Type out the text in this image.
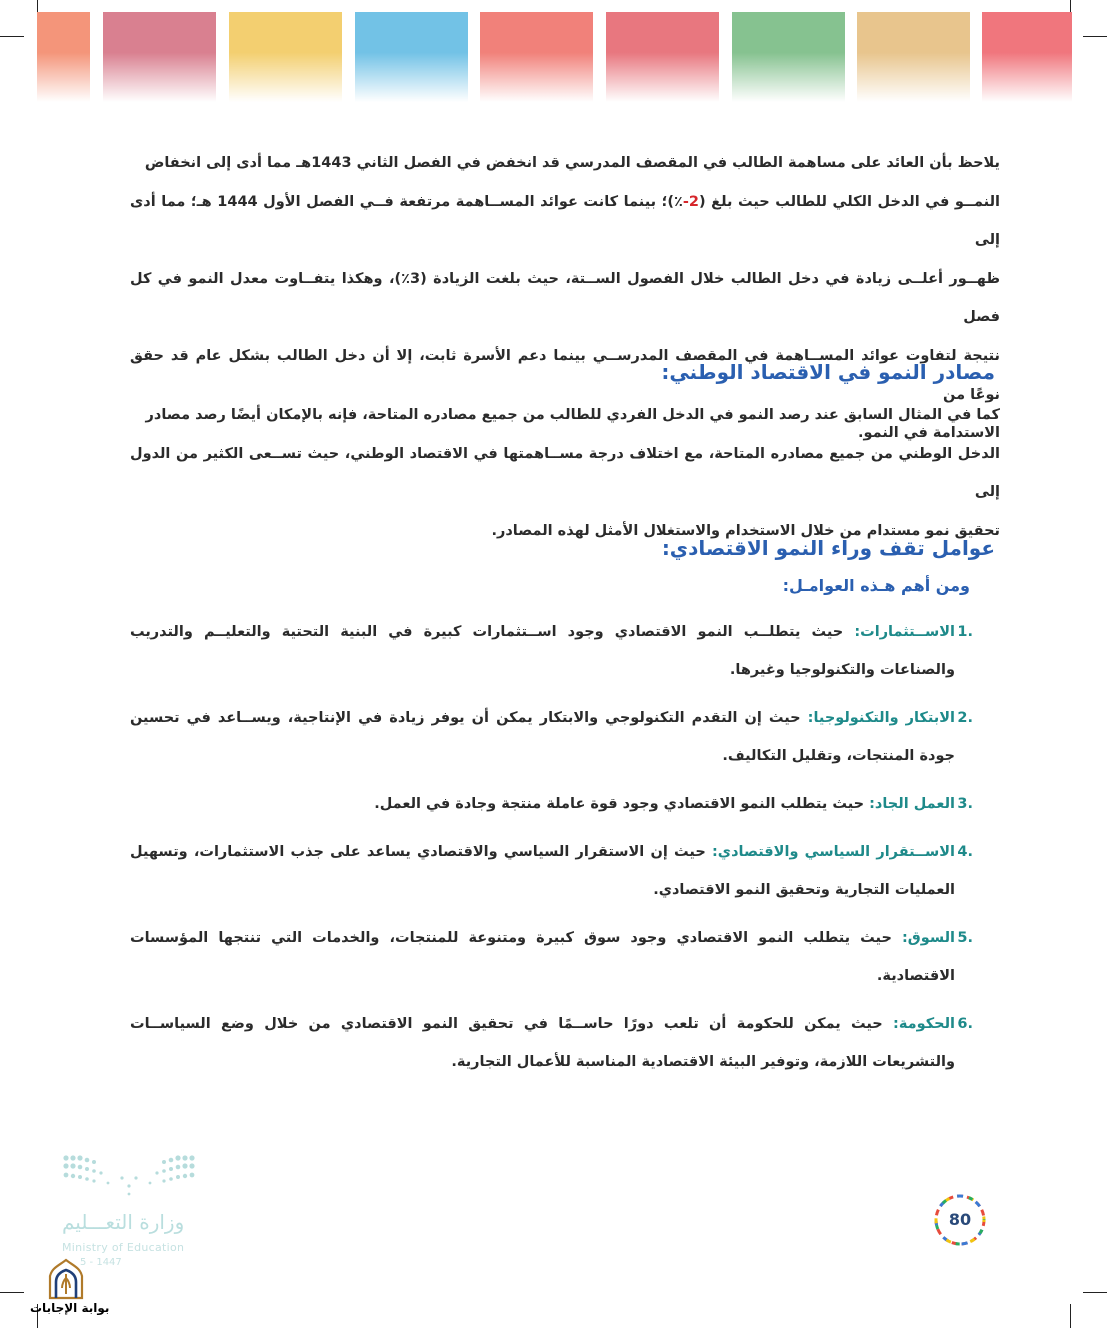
يلاحظ بأن العائد على مساهمة الطالب في المقصف المدرسي قد انخفض في الفصل الثاني 1443هـ مما أدى إلى انخفاض

النمــو في الدخل الكلي للطالب حيث بلغ (-2٪)؛ بينما كانت عوائد المســاهمة مرتفعة فــي الفصل الأول 1444 هـ؛ مما أدى إلى

ظهــور أعلــى زيادة في دخل الطالب خلال الفصول الســتة، حيث بلغت الزيادة (3٪)، وهكذا يتفــاوت معدل النمو في كل فصل

نتيجة لتفاوت عوائد المســاهمة في المقصف المدرســي بينما دعم الأسرة ثابت، إلا أن دخل الطالب بشكل عام قد حقق نوعًا من

الاستدامة في النمو.

مصادر النمو في الاقتصاد الوطني:

كما في المثال السابق عند رصد النمو في الدخل الفردي للطالب من جميع مصادره المتاحة، فإنه بالإمكان أيضًا رصد مصادر

الدخل الوطني من جميع مصادره المتاحة، مع اختلاف درجة مســاهمتها في الاقتصاد الوطني، حيث تســعى الكثير من الدول إلى

تحقيق نمو مستدام من خلال الاستخدام والاستغلال الأمثل لهذه المصادر.

عوامل تقف وراء النمو الاقتصادي:
ومن أهم هـذه العوامـل:
.1
الاســتثمارات: حيث يتطلــب النمو الاقتصادي وجود اســتثمارات كبيرة في البنية التحتية والتعليــم والتدريب والصناعات والتكنولوجيا وغيرها.
.2
الابتكار والتكنولوجيا: حيث إن التقدم التكنولوجي والابتكار يمكن أن يوفر زيادة في الإنتاجية، ويســاعد في تحسين جودة المنتجات، وتقليل التكاليف.
.3
العمل الجاد: حيث يتطلب النمو الاقتصادي وجود قوة عاملة منتجة وجادة في العمل.
.4
الاســتقرار السياسي والاقتصادي: حيث إن الاستقرار السياسي والاقتصادي يساعد على جذب الاستثمارات، وتسهيل العمليات التجارية وتحقيق النمو الاقتصادي.
.5
السوق: حيث يتطلب النمو الاقتصادي وجود سوق كبيرة ومتنوعة للمنتجات، والخدمات التي تنتجها المؤسسات الاقتصادية.
.6
الحكومة: حيث يمكن للحكومة أن تلعب دورًا حاســمًا في تحقيق النمو الاقتصادي من خلال وضع السياســات والتشريعات اللازمة، وتوفير البيئة الاقتصادية المناسبة للأعمال التجارية.
80
وزارة التعـــليم
Ministry of Education
5 - 1447
بوابة الإجابات
